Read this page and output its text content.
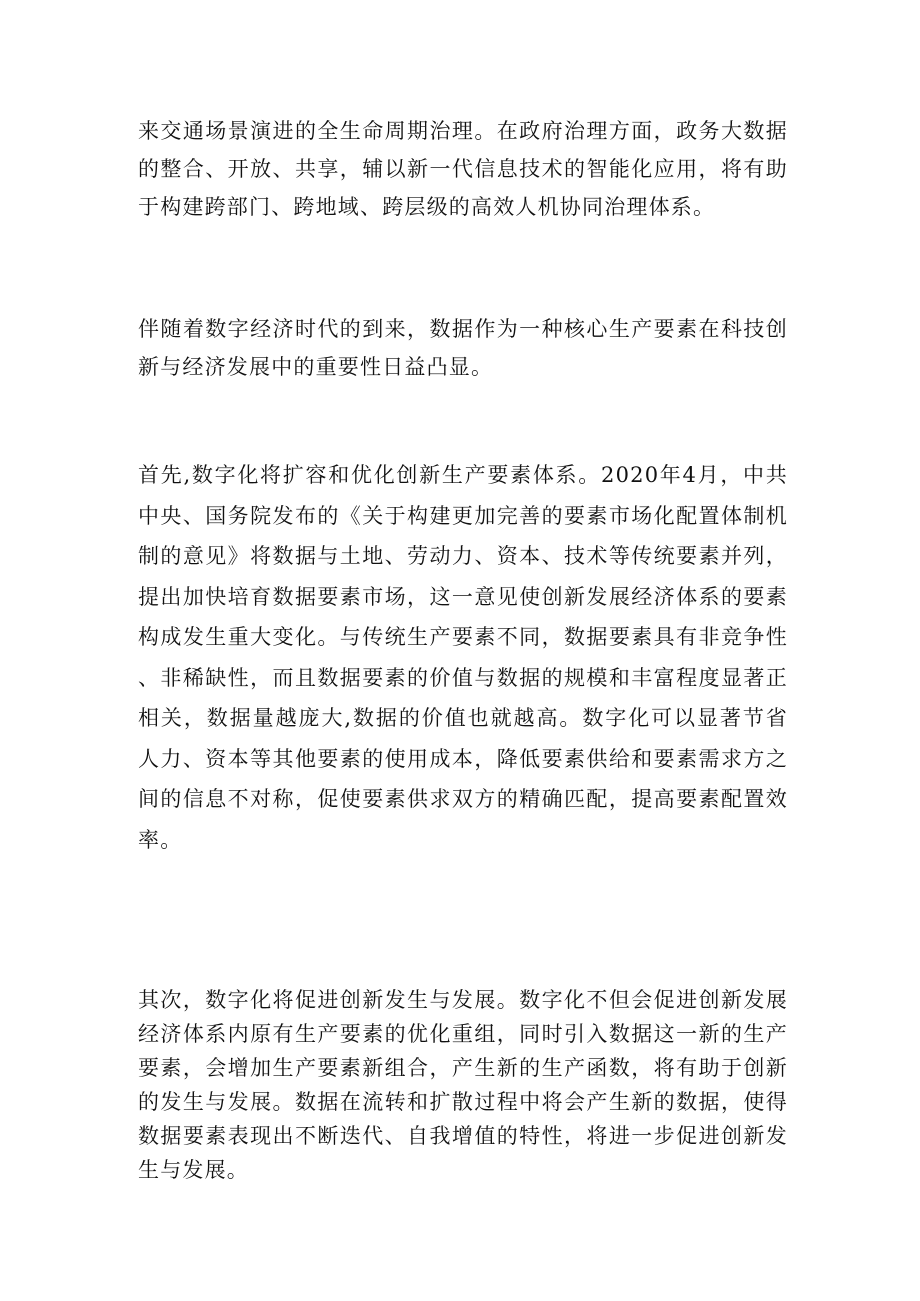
来交通场景演进的全生命周期治理。在政府治理方面，政务大数据的整合、开放、共享，辅以新一代信息技术的智能化应用，将有助于构建跨部门、跨地域、跨层级的高效人机协同治理体系。

伴随着数字经济时代的到来，数据作为一种核心生产要素在科技创新与经济发展中的重要性日益凸显。

首先,数字化将扩容和优化创新生产要素体系。2020年4月，中共中央、国务院发布的《关于构建更加完善的要素市场化配置体制机制的意见》将数据与土地、劳动力、资本、技术等传统要素并列，提出加快培育数据要素市场，这一意见使创新发展经济体系的要素构成发生重大变化。与传统生产要素不同，数据要素具有非竞争性、非稀缺性，而且数据要素的价值与数据的规模和丰富程度显著正相关，数据量越庞大,数据的价值也就越高。数字化可以显著节省人力、资本等其他要素的使用成本，降低要素供给和要素需求方之间的信息不对称，促使要素供求双方的精确匹配，提高要素配置效率。

其次，数字化将促进创新发生与发展。数字化不但会促进创新发展经济体系内原有生产要素的优化重组，同时引入数据这一新的生产要素，会增加生产要素新组合，产生新的生产函数，将有助于创新的发生与发展。数据在流转和扩散过程中将会产生新的数据，使得数据要素表现出不断迭代、自我增值的特性，将进一步促进创新发生与发展。
